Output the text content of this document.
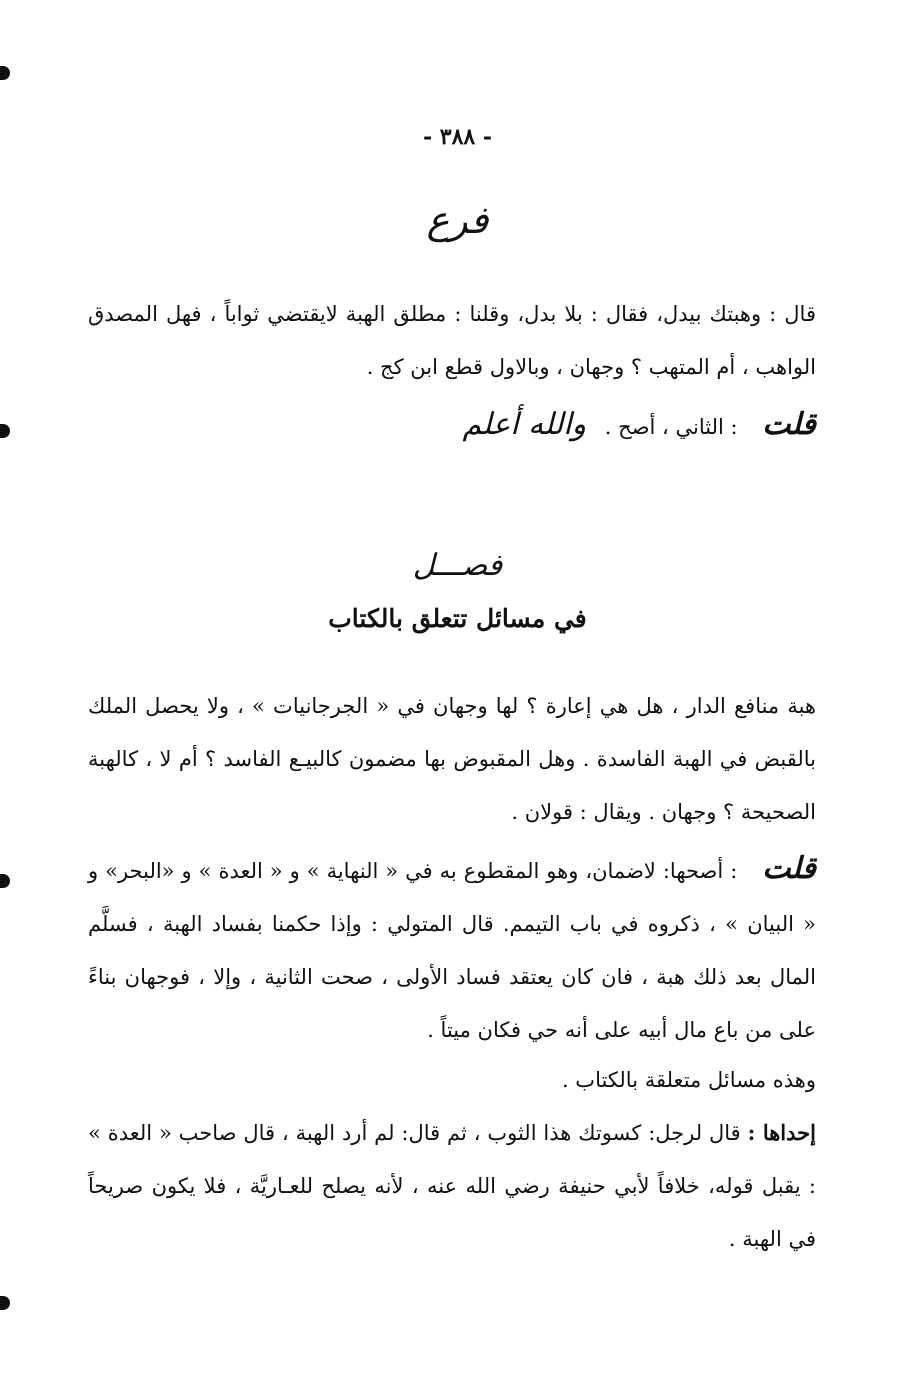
- ٣٨٨ -
فرع
قال : وهبتك بيدل، فقال : بلا بدل، وقلنا : مطلق الهبة لايقتضي ثواباً ، فهل المصدق الواهب ، أم المتهب ؟ وجهان ، وبالاول قطع ابن كج .
قلت : الثاني ، أصح . والله أعلم
فصـــل
في مسائل تتعلق بالكتاب
هبة منافع الدار ، هل هي إعارة ؟ لها وجهان في « الجرجانيات » ، ولا يحصل الملك بالقبض في الهبة الفاسدة . وهل المقبوض بها مضمون كالبيـع الفاسد ؟ أم لا ، كالهبة الصحيحة ؟ وجهان . ويقال : قولان .
قلت : أصحها: لاضمان، وهو المقطوع به في « النهاية » و « العدة » و «البحر» و « البيان » ، ذكروه في باب التيمم. قال المتولي : وإذا حكمنا بفساد الهبة ، فسلَّم المال بعد ذلك هبة ، فان كان يعتقد فساد الأولى ، صحت الثانية ، وإلا ، فوجهان بناءً على من باع مال أبيه على أنه حي فكان ميتاً .
وهذه مسائل متعلقة بالكتاب .
إحداها : قال لرجل: كسوتك هذا الثوب ، ثم قال: لم أرد الهبة ، قال صاحب « العدة » : يقبل قوله، خلافاً لأبي حنيفة رضي الله عنه ، لأنه يصلح للعـاريَّة ، فلا يكون صريحاً في الهبة .
